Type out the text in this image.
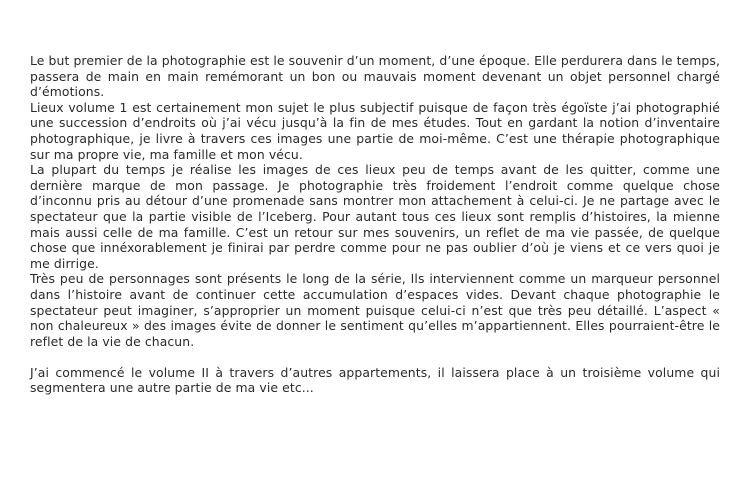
Le but premier de la photographie est le souvenir d’un moment, d’une époque. Elle perdurera dans le temps, passera de main en main remémorant un bon ou mauvais moment devenant un objet personnel chargé d’émotions.

Lieux volume 1 est certainement mon sujet le plus subjectif puisque de façon très égoïste j’ai photographié une succession d’endroits où j’ai vécu jusqu’à la fin de mes études. Tout en gardant la notion d’inventaire photographique, je livre à travers ces images une partie de moi-même. C’est une thérapie photographique sur ma propre vie, ma famille et mon vécu.

La plupart du temps je réalise les images de ces lieux peu de temps avant de les quitter, comme une dernière marque de mon passage. Je photographie très froidement l’endroit comme quelque chose d’inconnu pris au détour d’une promenade sans montrer mon attachement à celui-ci. Je ne partage avec le spectateur que la partie visible de l’Iceberg. Pour autant tous ces lieux sont remplis d’histoires, la mienne mais aussi celle de ma famille. C’est un retour sur mes souvenirs, un reflet de ma vie passée, de quelque chose que innéxorablement je finirai par perdre comme pour ne pas oublier d’où je viens et ce vers quoi je me dirrige.

Très peu de personnages sont présents le long de la série, Ils interviennent comme un marqueur personnel dans l’histoire avant de continuer cette accumulation d’espaces vides. Devant chaque photographie le spectateur peut imaginer, s’approprier un moment puisque celui-ci n’est que très peu détaillé. L’aspect « non chaleureux » des images évite de donner le sentiment qu’elles m’appartiennent. Elles pourraient-être le reflet de la vie de chacun.

J’ai commencé le volume II à travers d’autres appartements, il laissera place à un troisième volume qui segmentera une autre partie de ma vie etc...
